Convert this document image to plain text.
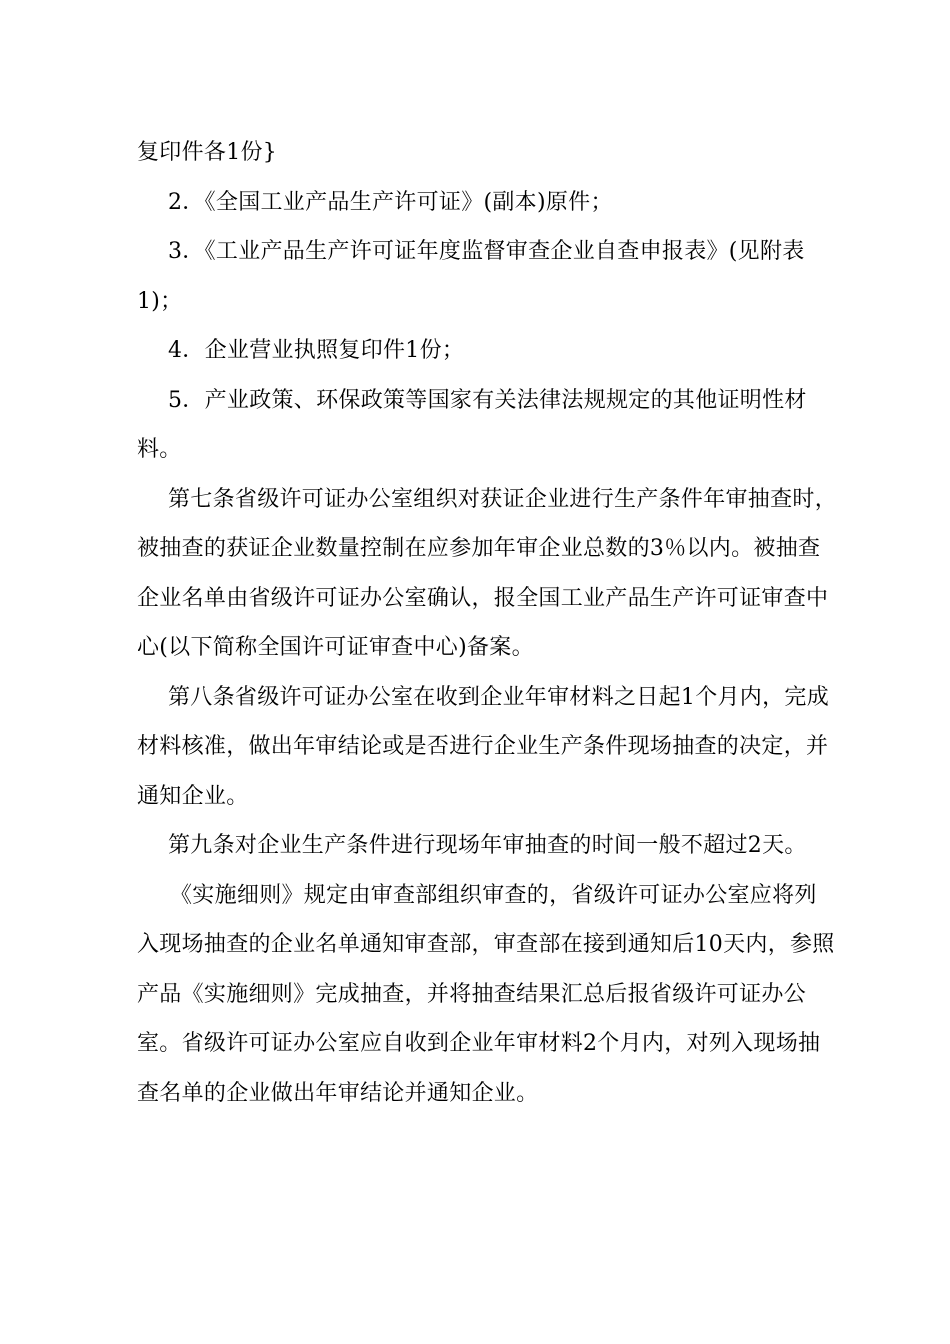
复印件各1份}

2．《全国工业产品生产许可证》(副本)原件；

3．《工业产品生产许可证年度监督审查企业自查申报表》(见附表1)；

4．企业营业执照复印件1份；

5．产业政策、环保政策等国家有关法律法规规定的其他证明性材料。

第七条省级许可证办公室组织对获证企业进行生产条件年审抽查时，被抽查的获证企业数量控制在应参加年审企业总数的3％以内。被抽查企业名单由省级许可证办公室确认，报全国工业产品生产许可证审查中心(以下简称全国许可证审查中心)备案。

第八条省级许可证办公室在收到企业年审材料之日起1个月内，完成材料核准，做出年审结论或是否进行企业生产条件现场抽查的决定，并通知企业。

第九条对企业生产条件进行现场年审抽查的时间一般不超过2天。

《实施细则》规定由审查部组织审查的，省级许可证办公室应将列入现场抽查的企业名单通知审查部，审查部在接到通知后10天内，参照产品《实施细则》完成抽查，并将抽查结果汇总后报省级许可证办公室。省级许可证办公室应自收到企业年审材料2个月内，对列入现场抽查名单的企业做出年审结论并通知企业。
